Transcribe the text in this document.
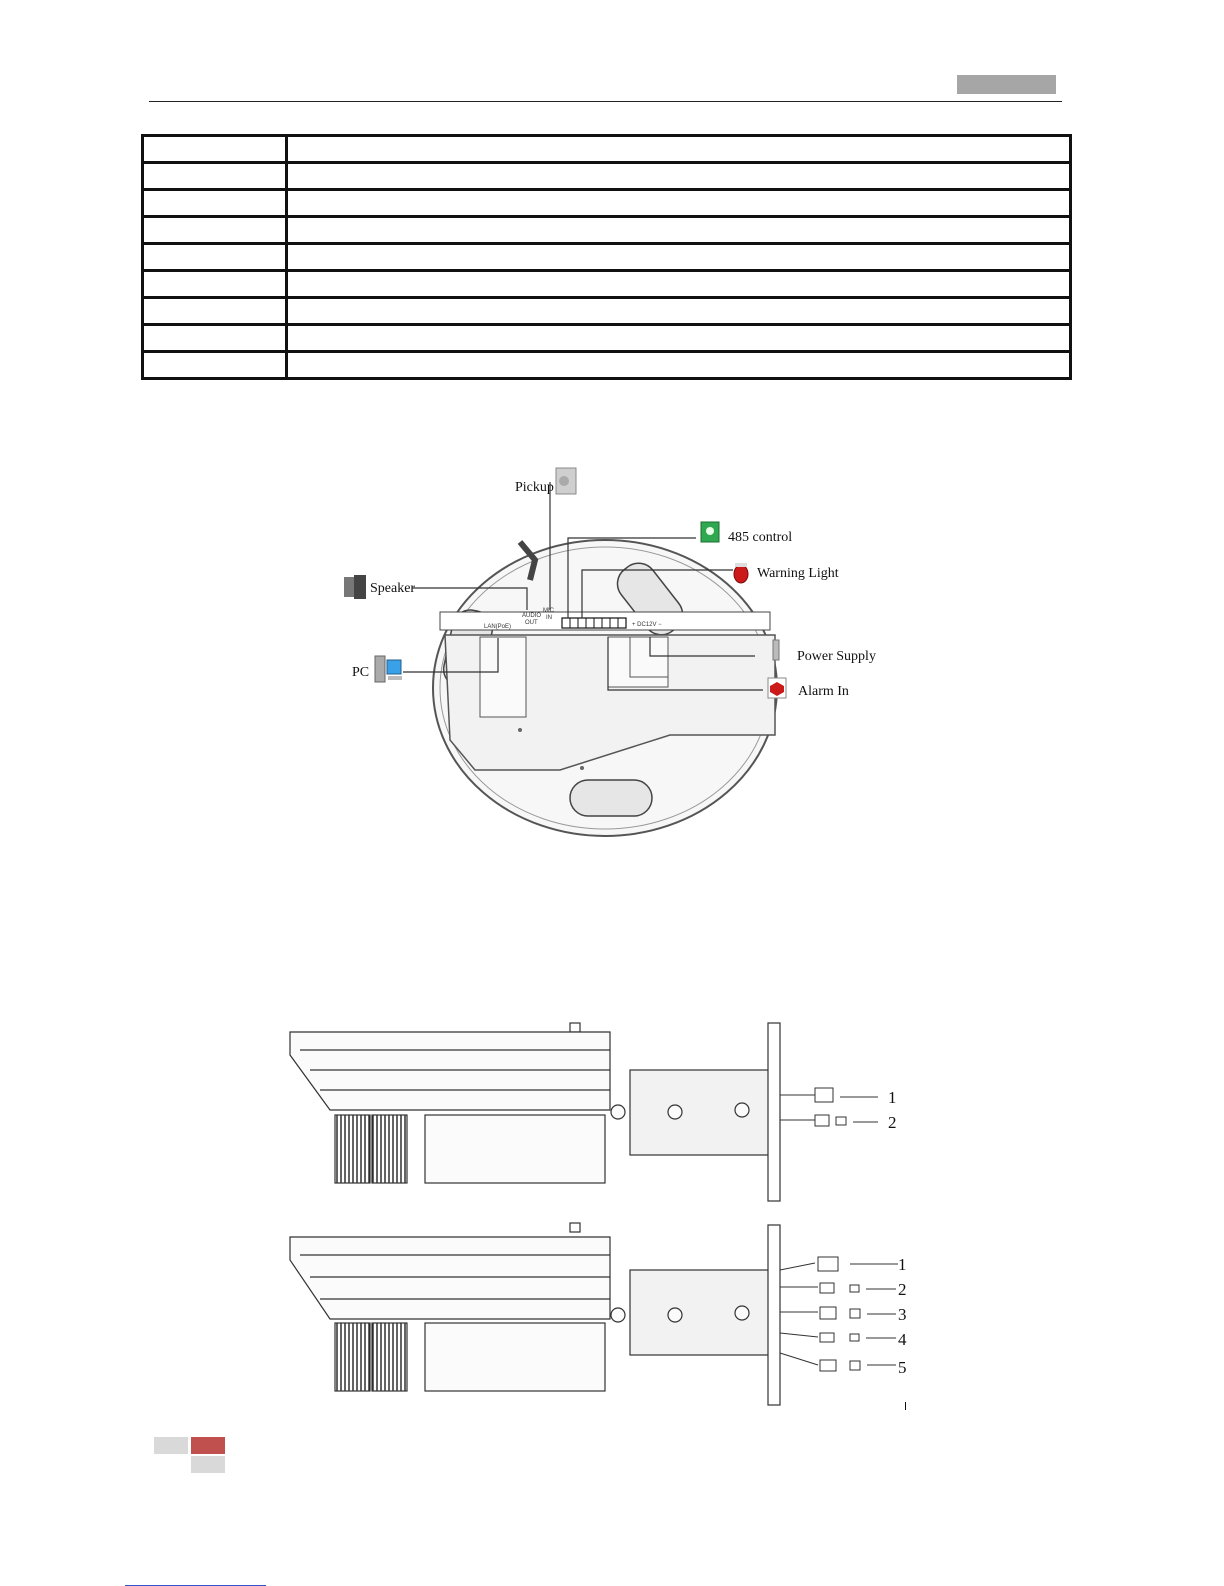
MIC
IN
AUDIO
OUT
LAN(PoE)	+ DC12V −
Pickup
485 control
Warning Light
Speaker
PC
Power Supply
Alarm In
1
2
1
2
3
4
5
